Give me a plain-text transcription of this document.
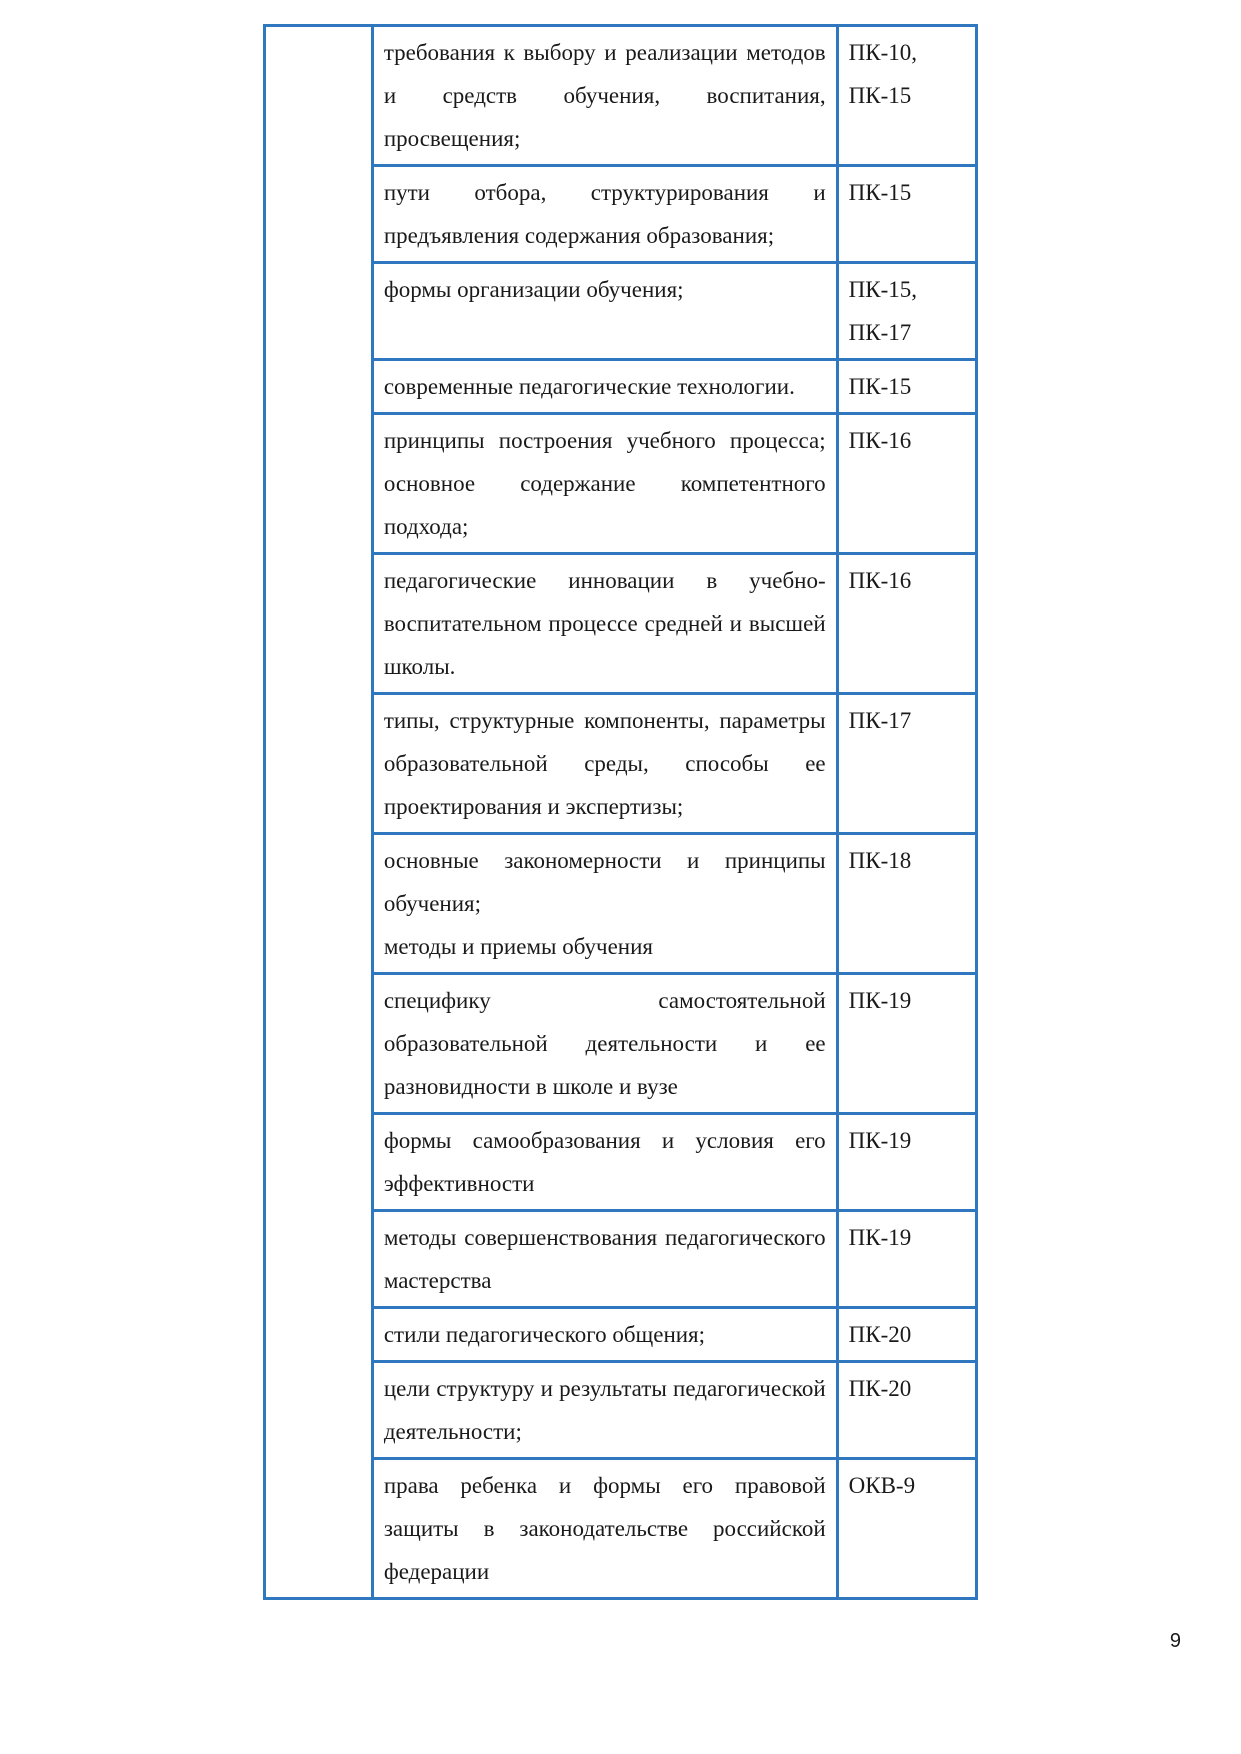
	требования к выбору и реализации методов и средств обучения, воспитания, просвещения;	ПК-10,
ПК-15

	пути отбора, структурирования и предъявления содержания образования;	ПК-15

	формы организации обучения;	ПК-15,
ПК-17

	современные педагогические технологии.	ПК-15

	принципы построения учебного процесса; основное содержание компетентного подхода;	ПК-16

	педагогические инновации в учебно-воспитательном процессе средней и высшей школы.	ПК-16

	типы, структурные компоненты, параметры образовательной среды, способы ее проектирования и экспертизы;	ПК-17

	основные закономерности и принципы обучения;
методы и приемы обучения	ПК-18

	специфику самостоятельной образовательной деятельности и ее разновидности в школе и вузе	ПК-19

	формы самообразования и условия его эффективности	ПК-19

	методы совершенствования педагогического мастерства	ПК-19

	стили педагогического общения;	ПК-20

	цели структуру и результаты педагогической деятельности;	ПК-20

	права ребенка и формы его правовой защиты в законодательстве российской федерации	ОКВ-9
9
